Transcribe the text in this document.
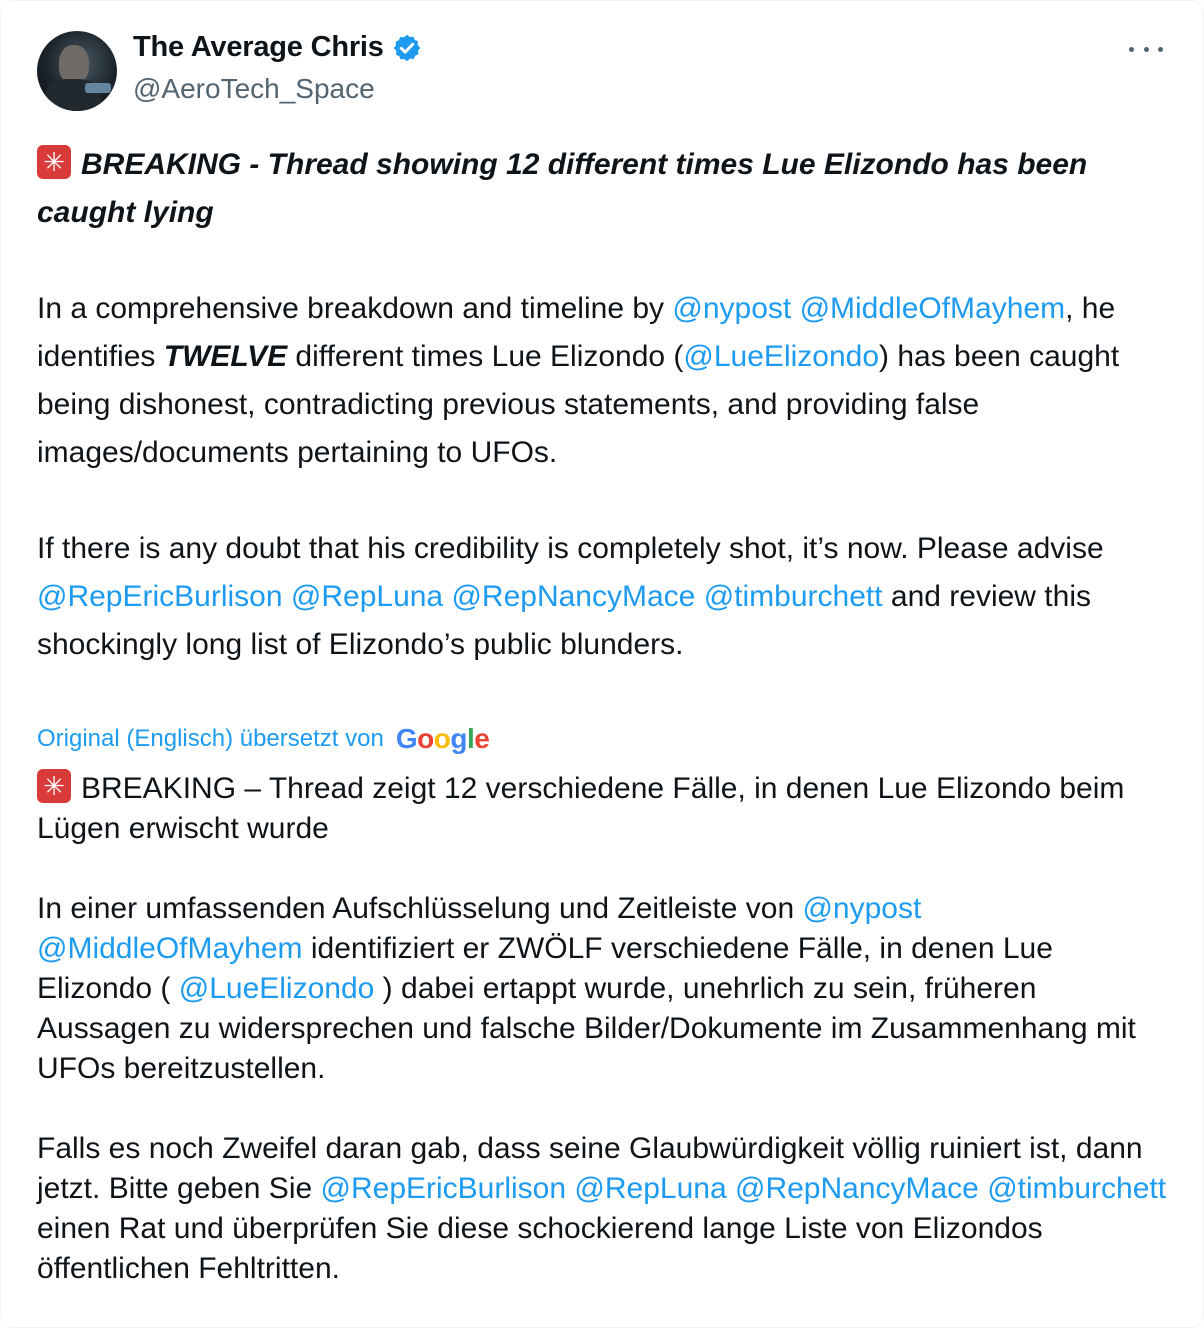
The Average Chris
@AeroTech_Space

✳BREAKING - Thread showing 12 different times Lue Elizondo has been caught lying

In a comprehensive breakdown and timeline by @nypost @MiddleOfMayhem, he identifies TWELVE different times Lue Elizondo (@LueElizondo) has been caught being dishonest, contradicting previous statements, and providing false images/documents pertaining to UFOs.

If there is any doubt that his credibility is completely shot, it’s now. Please advise @RepEricBurlison @RepLuna @RepNancyMace @timburchett and review this shockingly long list of Elizondo’s public blunders.

Original (Englisch) übersetzt von Google

✳BREAKING – Thread zeigt 12 verschiedene Fälle, in denen Lue Elizondo beim Lügen erwischt wurde

In einer umfassenden Aufschlüsselung und Zeitleiste von @nypost @MiddleOfMayhem identifiziert er ZWÖLF verschiedene Fälle, in denen Lue Elizondo ( @LueElizondo ) dabei ertappt wurde, unehrlich zu sein, früheren Aussagen zu widersprechen und falsche Bilder/Dokumente im Zusammenhang mit UFOs bereitzustellen.

Falls es noch Zweifel daran gab, dass seine Glaubwürdigkeit völlig ruiniert ist, dann jetzt. Bitte geben Sie @RepEricBurlison @RepLuna @RepNancyMace @timburchett einen Rat und überprüfen Sie diese schockierend lange Liste von Elizondos öffentlichen Fehltritten.
